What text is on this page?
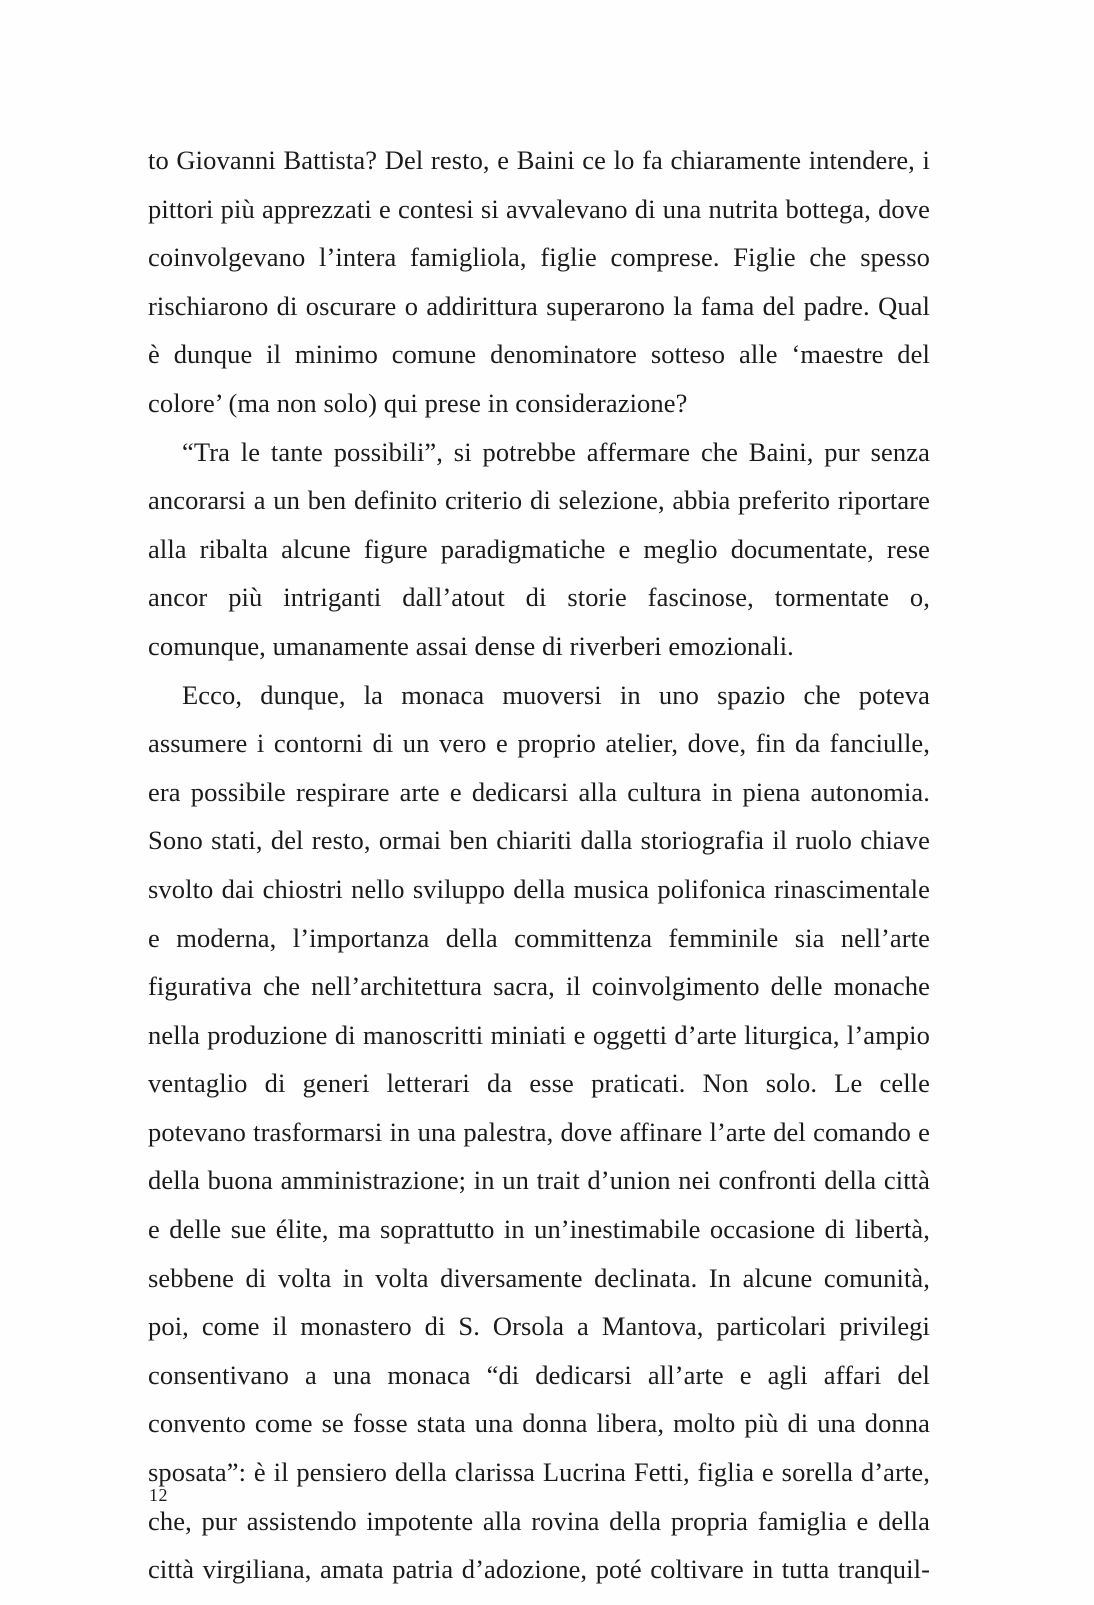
to Giovanni Battista? Del resto, e Baini ce lo fa chiaramente intendere, i pittori più apprezzati e contesi si avvalevano di una nutrita bottega, dove coinvolgevano l’intera famigliola, figlie comprese. Figlie che spesso rischiarono di oscurare o addirittura superarono la fama del padre. Qual è dunque il minimo comune denominatore sotteso alle ‘maestre del colore’ (ma non solo) qui prese in considerazione?

“Tra le tante possibili”, si potrebbe affermare che Baini, pur senza ancorarsi a un ben definito criterio di selezione, abbia preferito riportare alla ribalta alcune figure paradigmatiche e meglio documentate, rese ancor più intriganti dall’atout di storie fascinose, tormentate o, comunque, umanamente assai dense di riverberi emozionali.

Ecco, dunque, la monaca muoversi in uno spazio che poteva assumere i contorni di un vero e proprio atelier, dove, fin da fanciulle, era possibile respirare arte e dedicarsi alla cultura in piena autonomia. Sono stati, del resto, ormai ben chiariti dalla storiografia il ruolo chiave svolto dai chiostri nello sviluppo della musica polifonica rinascimentale e moderna, l’importanza della committenza femminile sia nell’arte figurativa che nell’architettura sacra, il coinvolgimento delle monache nella produzione di manoscritti miniati e oggetti d’arte liturgica, l’ampio ventaglio di generi letterari da esse praticati. Non solo. Le celle potevano trasformarsi in una palestra, dove affinare l’arte del comando e della buona amministrazione; in un trait d’union nei confronti della città e delle sue élite, ma soprattutto in un’inestimabile occasione di libertà, sebbene di volta in volta diversamente declinata. In alcune comunità, poi, come il monastero di S. Orsola a Mantova, particolari privilegi consentivano a una monaca “di dedicarsi all’arte e agli affari del convento come se fosse stata una donna libera, molto più di una donna sposata”: è il pensiero della clarissa Lucrina Fetti, figlia e sorella d’arte, che, pur assistendo impotente alla rovina della propria famiglia e della città virgiliana, amata patria d’adozione, poté coltivare in tutta tranquil-

12
